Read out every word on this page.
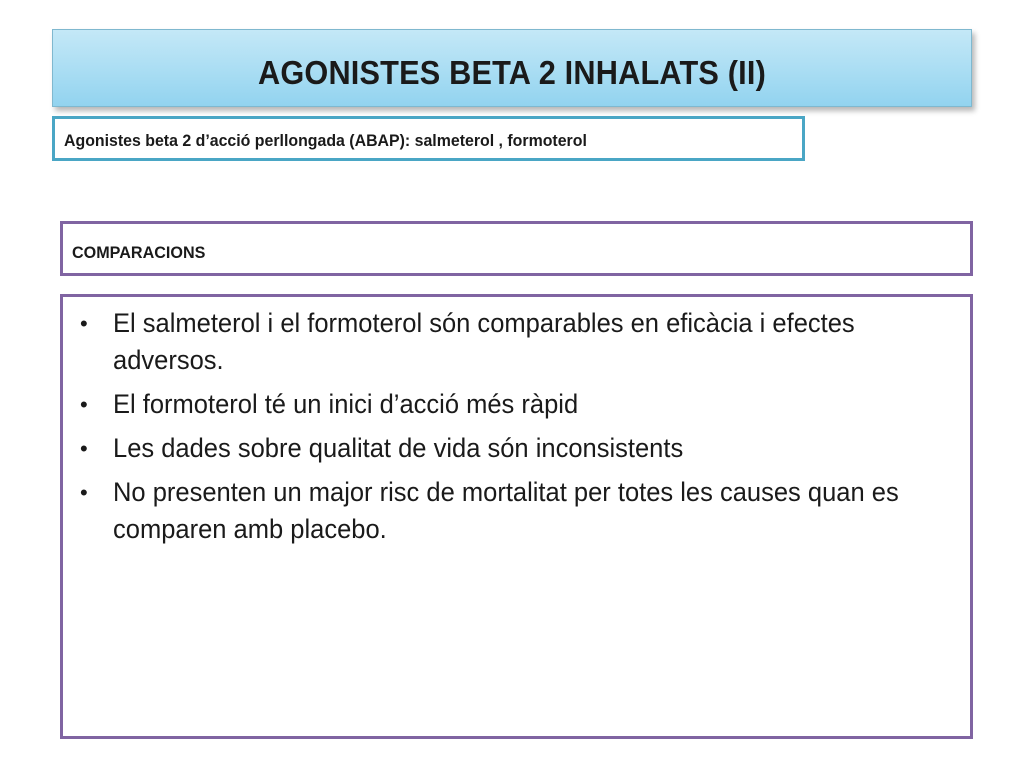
AGONISTES BETA 2 INHALATS (II)
Agonistes beta 2 d’acció perllongada (ABAP): salmeterol , formoterol
COMPARACIONS
• El salmeterol i el formoterol són comparables en eficàcia i efectes adversos.
• El formoterol té un inici d’acció més ràpid
• Les dades sobre qualitat de vida són inconsistents
• No presenten un major risc de mortalitat per totes les causes quan es comparen amb placebo.
